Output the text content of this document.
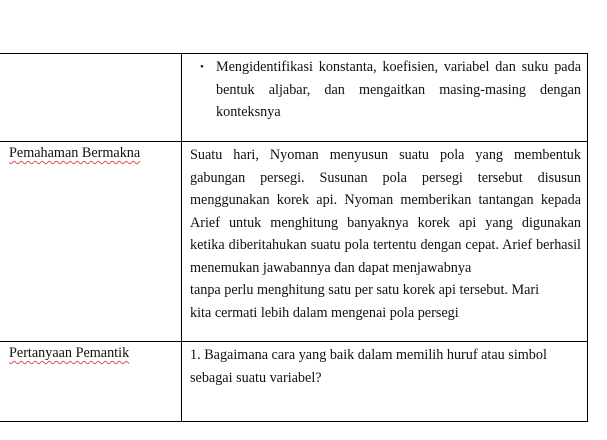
	• Mengidentifikasi konstanta, koefisien, variabel dan suku pada bentuk aljabar, dan mengaitkan masing-masing dengan konteksnya

Pemahaman Bermakna	Suatu hari, Nyoman menyusun suatu pola yang membentuk
gabungan persegi. Susunan pola persegi tersebut disusun
menggunakan korek api. Nyoman memberikan tantangan kepada
Arief untuk menghitung banyaknya korek api yang digunakan
ketika diberitahukan suatu pola tertentu dengan cepat. Arief berhasil
menemukan jawabannya dan dapat menjawabnya
tanpa perlu menghitung satu per satu korek api tersebut. Mari
kita cermati lebih dalam mengenai pola persegi

Pertanyaan Pemantik	1. Bagaimana cara yang baik dalam memilih huruf atau simbol sebagai suatu variabel?
